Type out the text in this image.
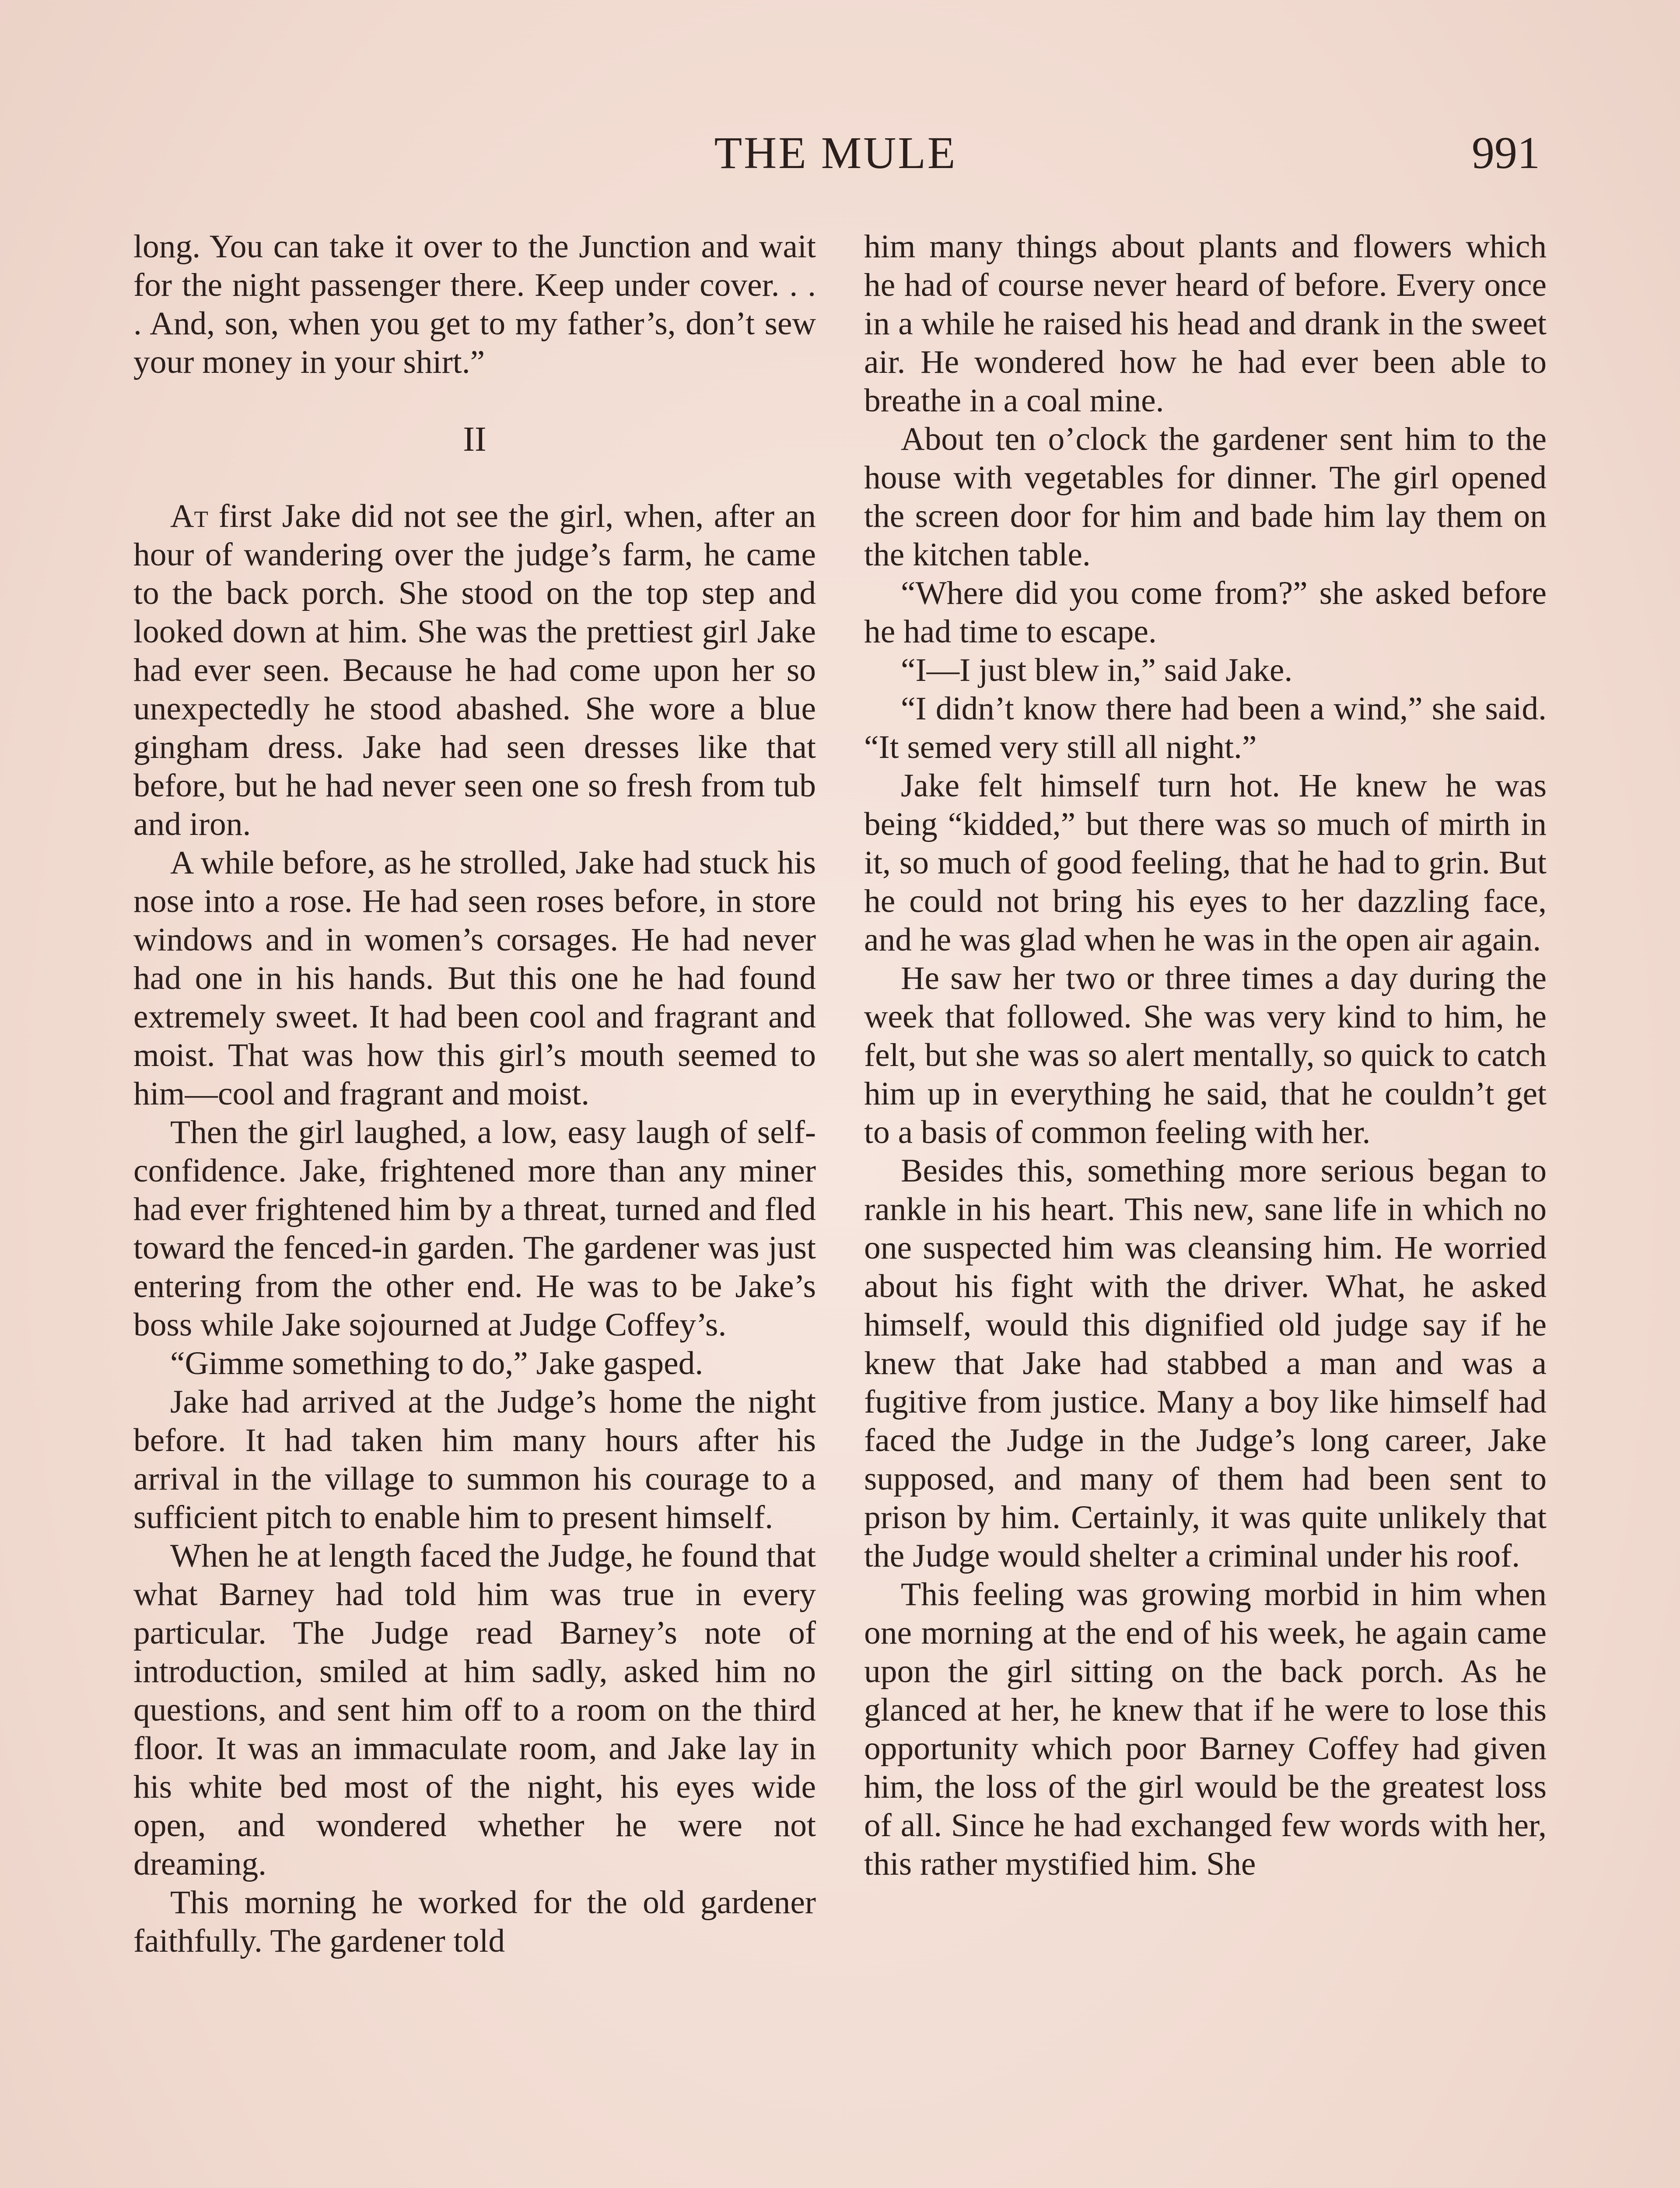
THE MULE	991

long. You can take it over to the Junction and wait for the night passenger there. Keep under cover. . . . And, son, when you get to my father’s, don’t sew your money in your shirt.”

II

At first Jake did not see the girl, when, after an hour of wandering over the judge’s farm, he came to the back porch. She stood on the top step and looked down at him. She was the prettiest girl Jake had ever seen. Because he had come upon her so unexpectedly he stood abashed. She wore a blue gingham dress. Jake had seen dresses like that before, but he had never seen one so fresh from tub and iron.

A while before, as he strolled, Jake had stuck his nose into a rose. He had seen roses before, in store windows and in women’s corsages. He had never had one in his hands. But this one he had found extremely sweet. It had been cool and fragrant and moist. That was how this girl’s mouth seemed to him—cool and fragrant and moist.

Then the girl laughed, a low, easy laugh of self-confidence. Jake, frightened more than any miner had ever frightened him by a threat, turned and fled toward the fenced-in garden. The gardener was just entering from the other end. He was to be Jake’s boss while Jake sojourned at Judge Coffey’s.

“Gimme something to do,” Jake gasped.

Jake had arrived at the Judge’s home the night before. It had taken him many hours after his arrival in the village to summon his courage to a sufficient pitch to enable him to present himself.

When he at length faced the Judge, he found that what Barney had told him was true in every particular. The Judge read Barney’s note of introduction, smiled at him sadly, asked him no questions, and sent him off to a room on the third floor. It was an immaculate room, and Jake lay in his white bed most of the night, his eyes wide open, and wondered whether he were not dreaming.

This morning he worked for the old gardener faithfully. The gardener told

him many things about plants and flowers which he had of course never heard of before. Every once in a while he raised his head and drank in the sweet air. He wondered how he had ever been able to breathe in a coal mine.

About ten o’clock the gardener sent him to the house with vegetables for dinner. The girl opened the screen door for him and bade him lay them on the kitchen table.

“Where did you come from?” she asked before he had time to escape.

“I—I just blew in,” said Jake.

“I didn’t know there had been a wind,” she said. “It semed very still all night.”

Jake felt himself turn hot. He knew he was being “kidded,” but there was so much of mirth in it, so much of good feeling, that he had to grin. But he could not bring his eyes to her dazzling face, and he was glad when he was in the open air again.

He saw her two or three times a day during the week that followed. She was very kind to him, he felt, but she was so alert mentally, so quick to catch him up in everything he said, that he couldn’t get to a basis of common feeling with her.

Besides this, something more serious began to rankle in his heart. This new, sane life in which no one suspected him was cleansing him. He worried about his fight with the driver. What, he asked himself, would this dignified old judge say if he knew that Jake had stabbed a man and was a fugitive from justice. Many a boy like himself had faced the Judge in the Judge’s long career, Jake supposed, and many of them had been sent to prison by him. Certainly, it was quite unlikely that the Judge would shelter a criminal under his roof.

This feeling was growing morbid in him when one morning at the end of his week, he again came upon the girl sitting on the back porch. As he glanced at her, he knew that if he were to lose this opportunity which poor Barney Coffey had given him, the loss of the girl would be the greatest loss of all. Since he had exchanged few words with her, this rather mystified him. She
